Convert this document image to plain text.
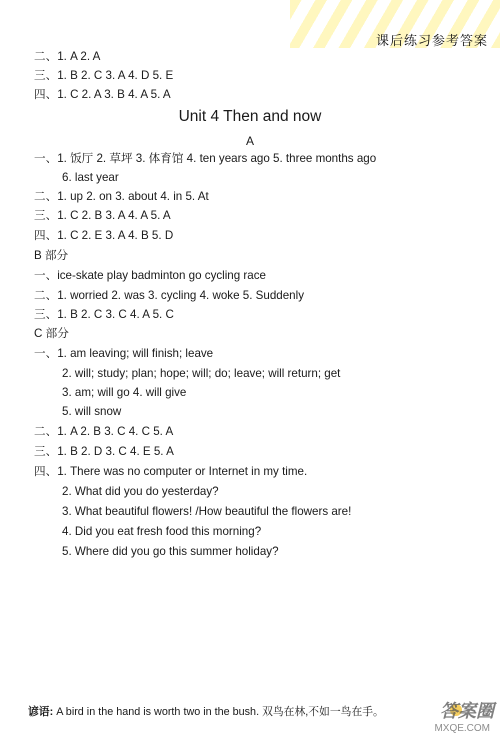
课后练习参考答案
二、1. A 2. A
三、1. B 2. C 3. A 4. D 5. E
四、1. C 2. A 3. B 4. A 5. A
Unit 4 Then and now
A
一、1. 饭厅 2. 草坪 3. 体育馆 4. ten years ago 5. three months ago
6. last year
二、1. up 2. on 3. about 4. in 5. At
三、1. C 2. B 3. A 4. A 5. A
四、1. C 2. E 3. A 4. B 5. D
B 部分
一、ice-skate play badminton go cycling race
二、1. worried 2. was 3. cycling 4. woke 5. Suddenly
三、1. B 2. C 3. C 4. A 5. C
C 部分
一、1. am leaving; will finish; leave
2. will; study; plan; hope; will; do; leave; will return; get
3. am; will go 4. will give
5. will snow
二、1. A 2. B 3. C 4. C 5. A
三、1. B 2. D 3. C 4. E 5. A
四、1. There was no computer or Internet in my time.
2. What did you do yesterday?
3. What beautiful flowers! /How beautiful the flowers are!
4. Did you eat fresh food this morning?
5. Where did you go this summer holiday?
谚语: A bird in the hand is worth two in the bush. 双鸟在林,不如一鸟在手。	答案圈
MXQE.COM
